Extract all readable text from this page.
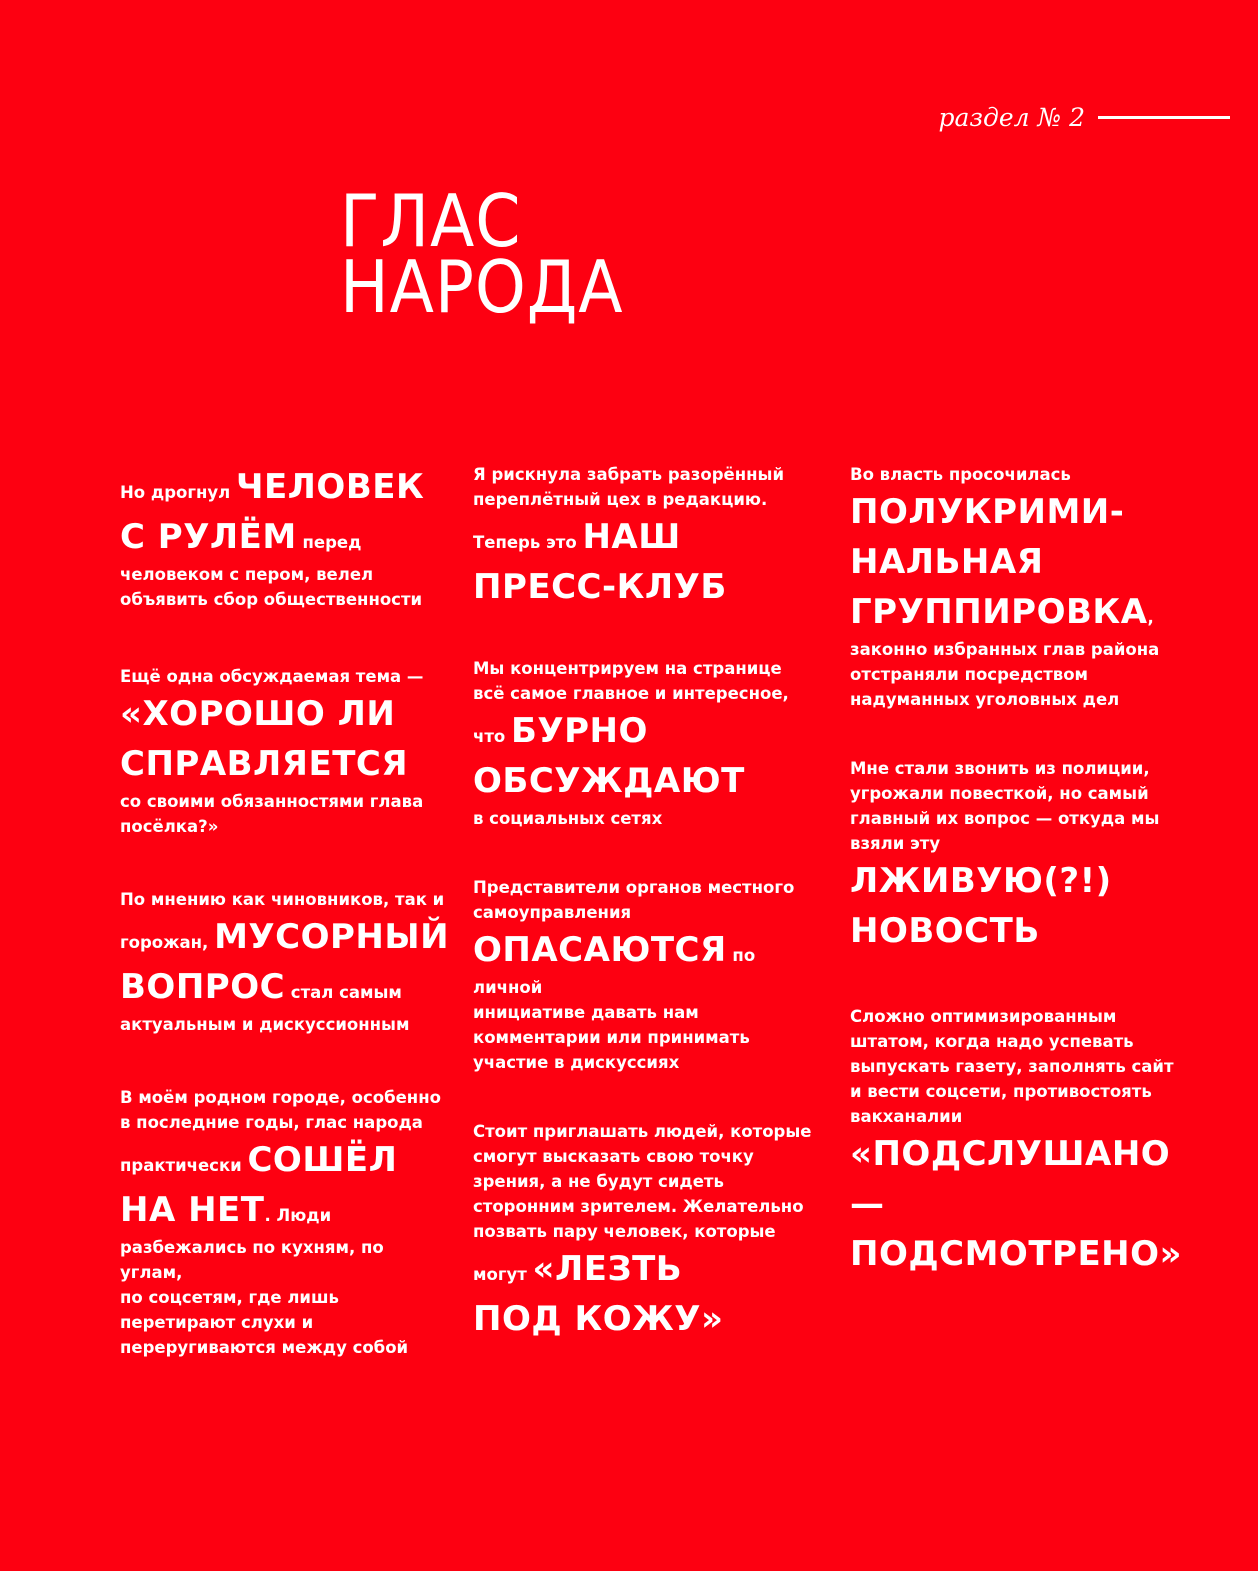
раздел № 2
ГЛАС
НАРОДА

Но дрогнул ЧЕЛОВЕК
С РУЛЁМ перед
человеком с пером, велел
объявить сбор общественности

Ещё одна обсуждаемая тема —
«ХОРОШО ЛИ
СПРАВЛЯЕТСЯ
со своими обязанностями глава
посёлка?»

По мнению как чиновников, так и
горожан, МУСОРНЫЙ
ВОПРОС стал самым
актуальным и дискуссионным

В моём родном городе, особенно
в последние годы, глас народа
практически СОШЁЛ
НА НЕТ. Люди
разбежались по кухням, по углам,
по соцсетям, где лишь
перетирают слухи и
переругиваются между собой

Я рискнула забрать разорённый
переплётный цех в редакцию.
Теперь это НАШ
ПРЕСС-КЛУБ

Мы концентрируем на странице
всё самое главное и интересное,
что БУРНО
ОБСУЖДАЮТ
в социальных сетях

Представители органов местного
самоуправления
ОПАСАЮТСЯ по личной
инициативе давать нам
комментарии или принимать
участие в дискуссиях

Стоит приглашать людей, которые
смогут высказать свою точку
зрения, а не будут сидеть
сторонним зрителем. Желательно
позвать пару человек, которые
могут «ЛЕЗТЬ
ПОД КОЖУ»

Во власть просочилась
ПОЛУКРИМИ-
НАЛЬНАЯ
ГРУППИРОВКА,
законно избранных глав района
отстраняли посредством
надуманных уголовных дел

Мне стали звонить из полиции,
угрожали повесткой, но самый
главный их вопрос — откуда мы
взяли эту
ЛЖИВУЮ(?!)
НОВОСТЬ

Сложно оптимизированным
штатом, когда надо успевать
выпускать газету, заполнять сайт
и вести соцсети, противостоять
вакханалии
«ПОДСЛУШАНО —
ПОДСМОТРЕНО»
